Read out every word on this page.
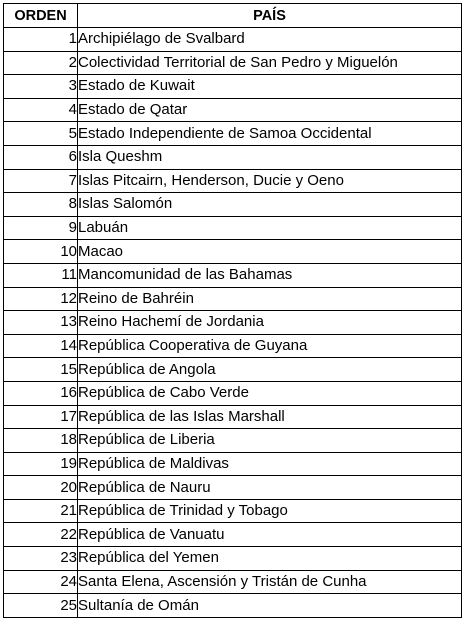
ORDEN	PAÍS
1	Archipiélago de Svalbard
2	Colectividad Territorial de San Pedro y Miguelón
3	Estado de Kuwait
4	Estado de Qatar
5	Estado Independiente de Samoa Occidental
6	Isla Queshm
7	Islas Pitcairn, Henderson, Ducie y Oeno
8	Islas Salomón
9	Labuán
10	Macao
11	Mancomunidad de las Bahamas
12	Reino de Bahréin
13	Reino Hachemí de Jordania
14	República Cooperativa de Guyana
15	República de Angola
16	República de Cabo Verde
17	República de las Islas Marshall
18	República de Liberia
19	República de Maldivas
20	República de Nauru
21	República de Trinidad y Tobago
22	República de Vanuatu
23	República del Yemen
24	Santa Elena, Ascensión y Tristán de Cunha
25	Sultanía de Omán
